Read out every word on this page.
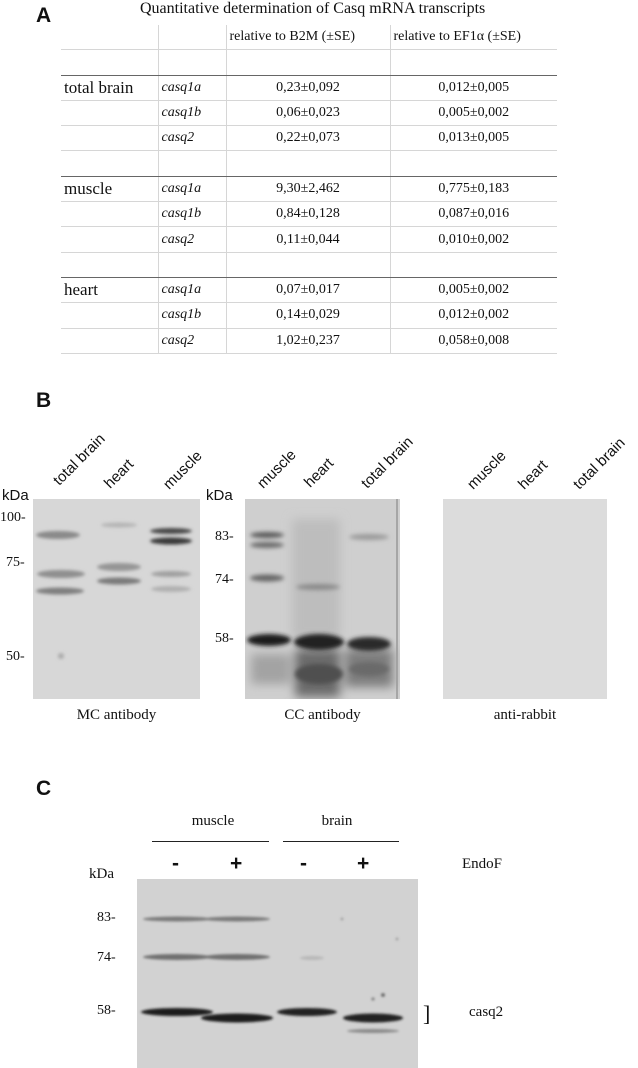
A	Quantitative determination of Casq mRNA transcripts
		relative to B2M (±SE)	relative to EF1α (±SE)

total brain	casq1a	0,23±0,092	0,012±0,005
	casq1b	0,06±0,023	0,005±0,002
	casq2	0,22±0,073	0,013±0,005

muscle	casq1a	9,30±2,462	0,775±0,183
	casq1b	0,84±0,128	0,087±0,016
	casq2	0,11±0,044	0,010±0,002

heart	casq1a	0,07±0,017	0,005±0,002
	casq1b	0,14±0,029	0,012±0,002
	casq2	1,02±0,237	0,058±0,008
B
total brain
heart muscle	muscle heart total brain	muscle heart total brain
kDa	kDa
100-
75-
50-
MC antibody
83-
74-
58-
CC antibody	anti-rabbit
C
muscle	brain
- +	- +	EndoF
kDa
83-
74-
58-	]	casq2
